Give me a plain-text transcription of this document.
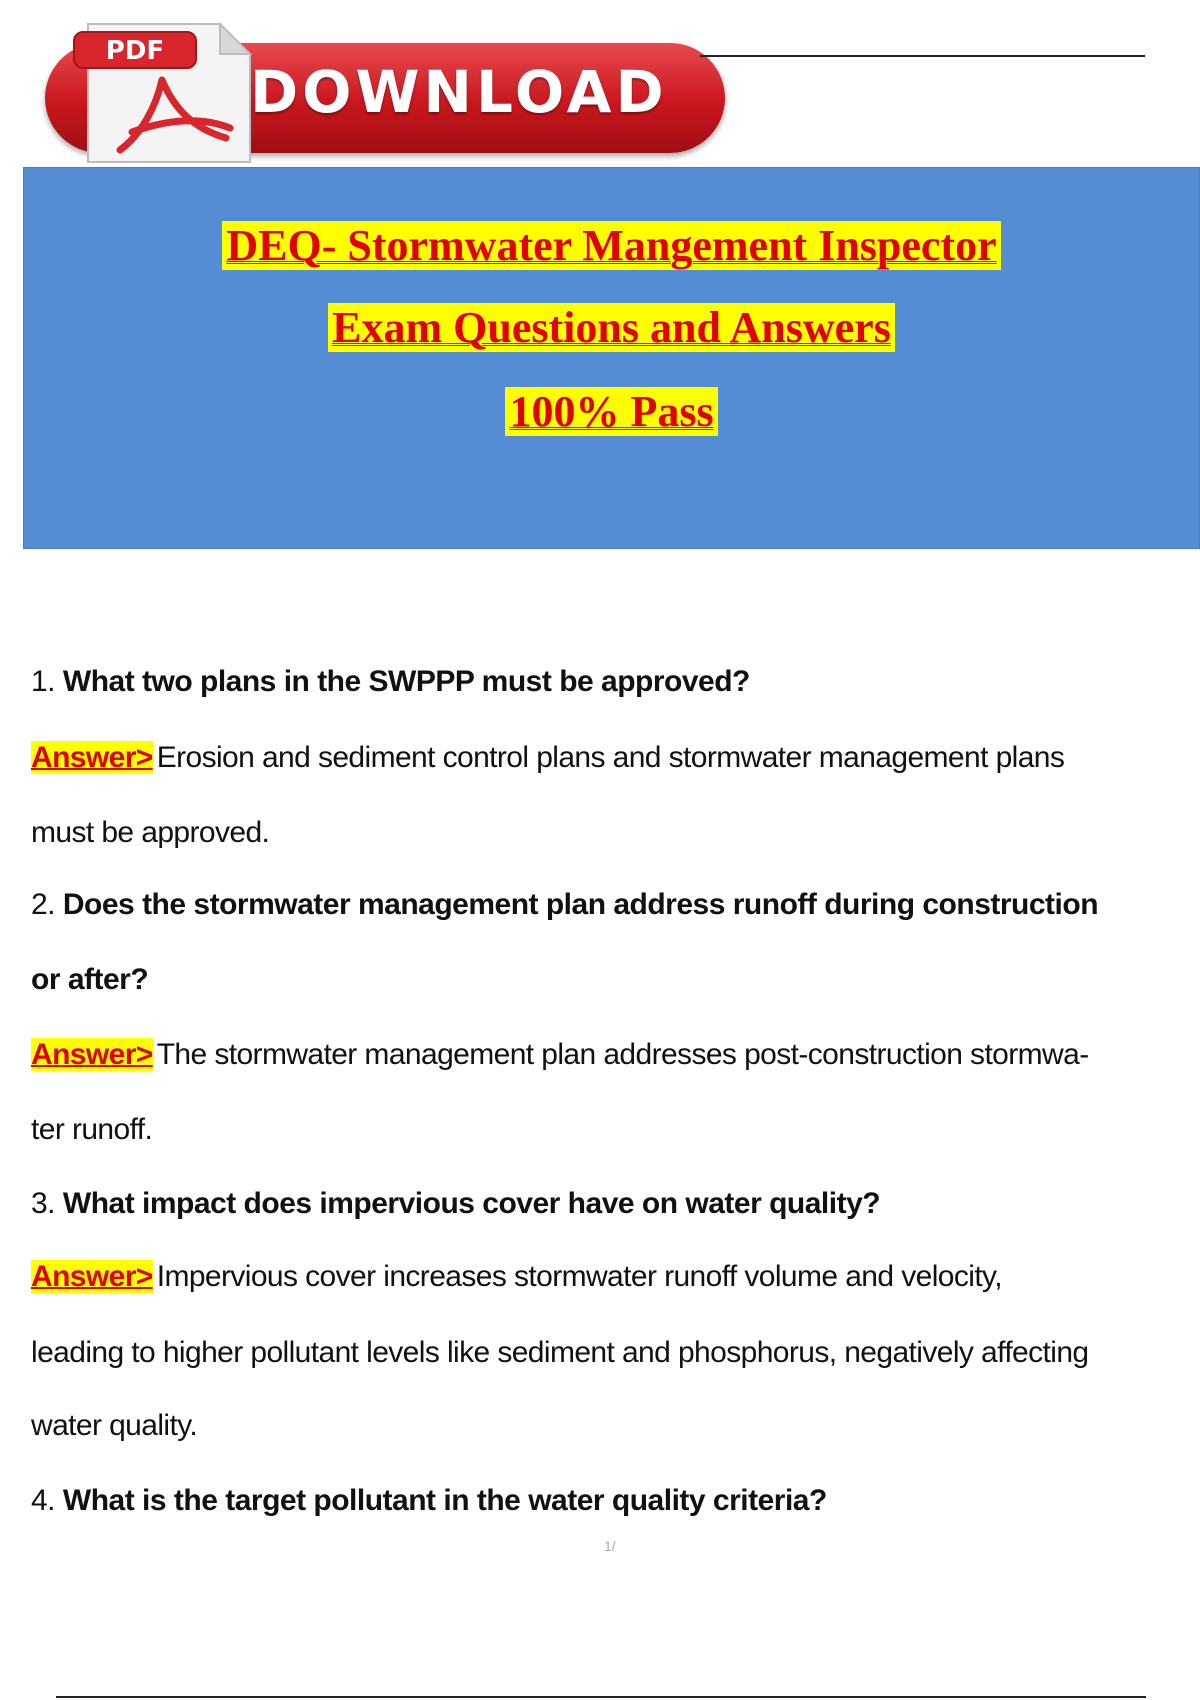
DOWNLOAD
PDF
DEQ- Stormwater Mangement Inspector
Exam Questions and Answers
100% Pass
1. What two plans in the SWPPP must be approved?
Answer> Erosion and sediment control plans and stormwater management plans
must be approved.
2. Does the stormwater management plan address runoff during construction
or after?
Answer> The stormwater management plan addresses post-construction stormwa-
ter runoff.
3. What impact does impervious cover have on water quality?
Answer> Impervious cover increases stormwater runoff volume and velocity,
leading to higher pollutant levels like sediment and phosphorus, negatively affecting
water quality.
4. What is the target pollutant in the water quality criteria?
1/
